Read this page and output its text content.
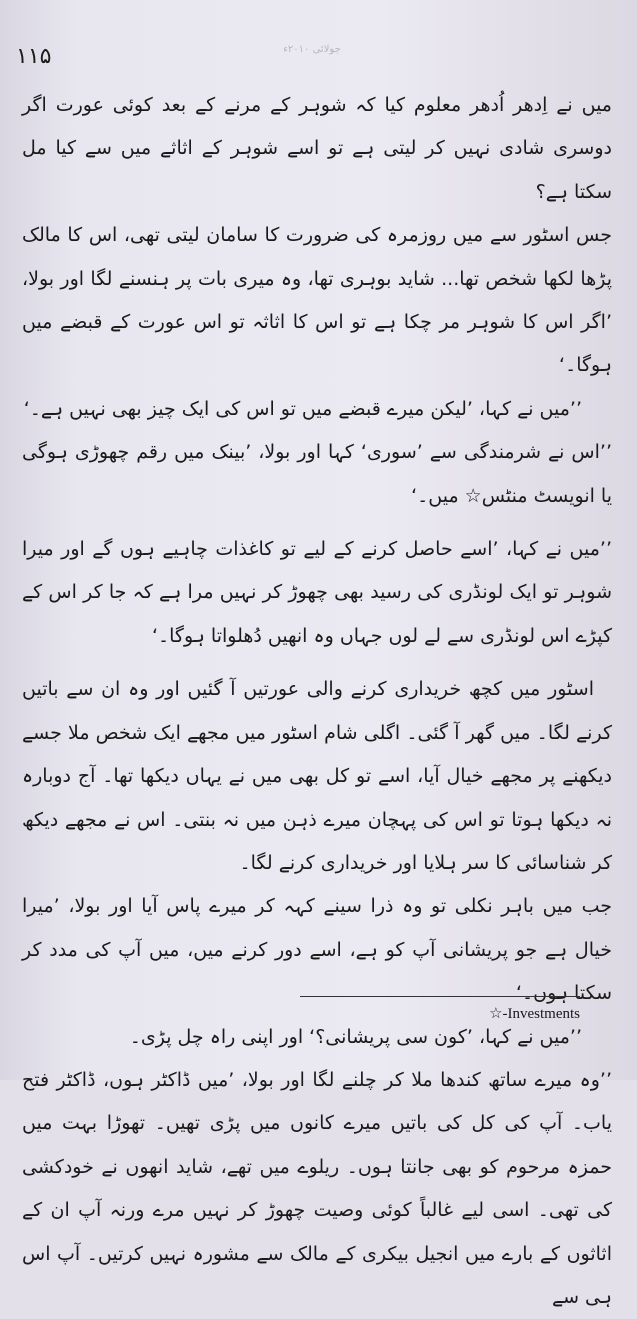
۱۱۵	جولائی ۲۰۱۰ء

میں نے اِدھر اُدھر معلوم کیا کہ شوہر کے مرنے کے بعد کوئی عورت اگر دوسری شادی نہیں کر لیتی ہے تو اسے شوہر کے اثاثے میں سے کیا مل سکتا ہے؟

جس اسٹور سے میں روزمرہ کی ضرورت کا سامان لیتی تھی، اس کا مالک پڑھا لکھا شخص تھا... شاید بوہری تھا، وہ میری بات پر ہنسنے لگا اور بولا، ’اگر اس کا شوہر مر چکا ہے تو اس کا اثاثہ تو اس عورت کے قبضے میں ہوگا۔‘

’’میں نے کہا، ’لیکن میرے قبضے میں تو اس کی ایک چیز بھی نہیں ہے۔‘

’’اس نے شرمندگی سے ’سوری‘ کہا اور بولا، ’بینک میں رقم چھوڑی ہوگی یا انویسٹ منٹس☆ میں۔‘

’’میں نے کہا، ’اسے حاصل کرنے کے لیے تو کاغذات چاہیے ہوں گے اور میرا شوہر تو ایک لونڈری کی رسید بھی چھوڑ کر نہیں مرا ہے کہ جا کر اس کے کپڑے اس لونڈری سے لے لوں جہاں وہ انھیں دُھلواتا ہوگا۔‘

اسٹور میں کچھ خریداری کرنے والی عورتیں آ گئیں اور وہ ان سے باتیں کرنے لگا۔ میں گھر آ گئی۔ اگلی شام اسٹور میں مجھے ایک شخص ملا جسے دیکھنے پر مجھے خیال آیا، اسے تو کل بھی میں نے یہاں دیکھا تھا۔ آج دوبارہ نہ دیکھا ہوتا تو اس کی پہچان میرے ذہن میں نہ بنتی۔ اس نے مجھے دیکھ کر شناسائی کا سر ہلایا اور خریداری کرنے لگا۔

جب میں باہر نکلی تو وہ ذرا سینے کہہ کر میرے پاس آیا اور بولا، ’میرا خیال ہے جو پریشانی آپ کو ہے، اسے دور کرنے میں، میں آپ کی مدد کر سکتا ہوں۔‘

’’میں نے کہا، ’کون سی پریشانی؟‘ اور اپنی راہ چل پڑی۔

’’وہ میرے ساتھ کندھا ملا کر چلنے لگا اور بولا، ’میں ڈاکٹر ہوں، ڈاکٹر فتح یاب۔ آپ کی کل کی باتیں میرے کانوں میں پڑی تھیں۔ تھوڑا بہت میں حمزہ مرحوم کو بھی جانتا ہوں۔ ریلوے میں تھے، شاید انھوں نے خودکشی کی تھی۔ اسی لیے غالباً کوئی وصیت چھوڑ کر نہیں مرے ورنہ آپ ان کے اثاثوں کے بارے میں انجیل بیکری کے مالک سے مشورہ نہیں کرتیں۔ آپ اس ہی سے

☆-Investments
